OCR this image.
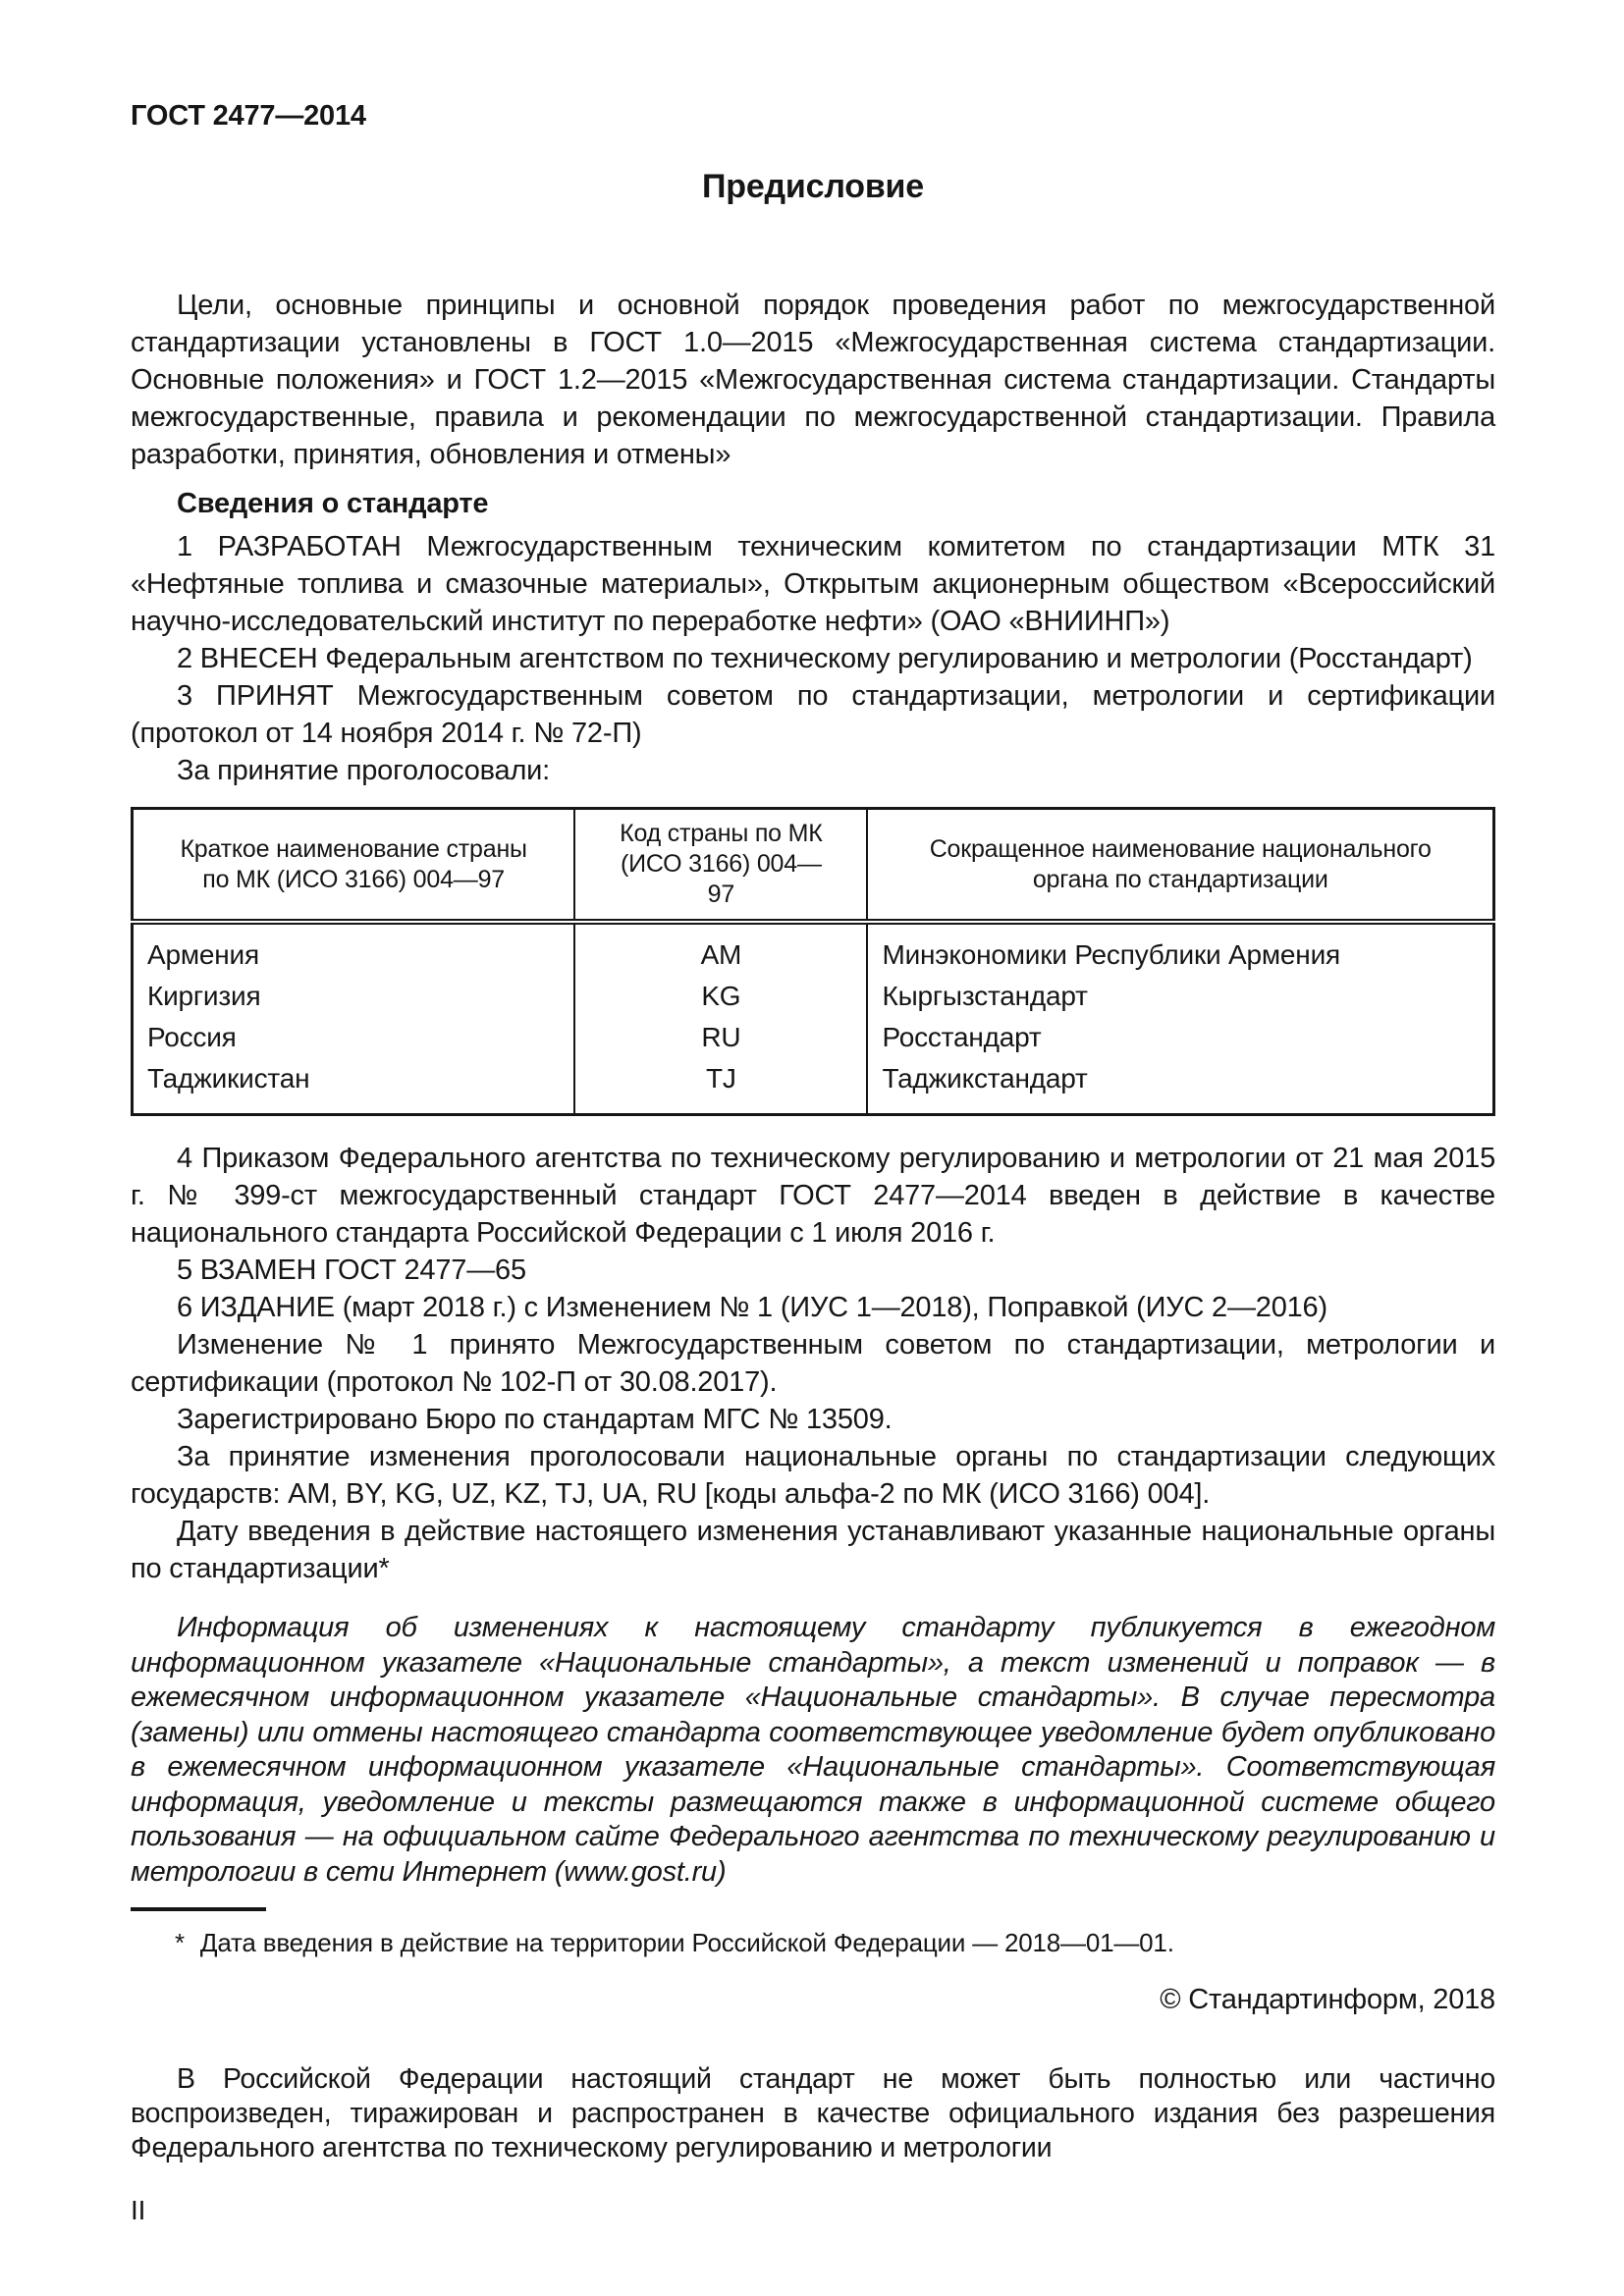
ГОСТ 2477—2014
Предисловие

Цели, основные принципы и основной порядок проведения работ по межгосударственной стандартизации установлены в ГОСТ 1.0—2015 «Межгосударственная система стандартизации. Основные положения» и ГОСТ 1.2—2015 «Межгосударственная система стандартизации. Стандарты межгосударственные, правила и рекомендации по межгосударственной стандартизации. Правила разработки, принятия, обновления и отмены»

Сведения о стандарте

1 РАЗРАБОТАН Межгосударственным техническим комитетом по стандартизации МТК 31 «Нефтяные топлива и смазочные материалы», Открытым акционерным обществом «Всероссийский научно-исследовательский институт по переработке нефти» (ОАО «ВНИИНП»)

2 ВНЕСЕН Федеральным агентством по техническому регулированию и метрологии (Росстандарт)

3 ПРИНЯТ Межгосударственным советом по стандартизации, метрологии и сертификации (протокол от 14 ноября 2014 г. № 72-П)

За принятие проголосовали:

Краткое наименование страны по МК (ИСО 3166) 004—97	Код страны по МК (ИСО 3166) 004—97	Сокращенное наименование национального органа по стандартизации
Армения	AM	Минэкономики Республики Армения
Киргизия	KG	Кыргызстандарт
Россия	RU	Росстандарт
Таджикистан	TJ	Таджикстандарт

4 Приказом Федерального агентства по техническому регулированию и метрологии от 21 мая 2015 г. № 399-ст межгосударственный стандарт ГОСТ 2477—2014 введен в действие в качестве национального стандарта Российской Федерации с 1 июля 2016 г.

5 ВЗАМЕН ГОСТ 2477—65

6 ИЗДАНИЕ (март 2018 г.) с Изменением № 1 (ИУС 1—2018), Поправкой (ИУС 2—2016)

Изменение № 1 принято Межгосударственным советом по стандартизации, метрологии и сертификации (протокол № 102-П от 30.08.2017).

Зарегистрировано Бюро по стандартам МГС № 13509.

За принятие изменения проголосовали национальные органы по стандартизации следующих государств: AM, BY, KG, UZ, KZ, TJ, UA, RU [коды альфа-2 по МК (ИСО 3166) 004].

Дату введения в действие настоящего изменения устанавливают указанные национальные органы по стандартизации*

Информация об изменениях к настоящему стандарту публикуется в ежегодном информационном указателе «Национальные стандарты», а текст изменений и поправок — в ежемесячном информационном указателе «Национальные стандарты». В случае пересмотра (замены) или отмены настоящего стандарта соответствующее уведомление будет опубликовано в ежемесячном информационном указателе «Национальные стандарты». Соответствующая информация, уведомление и тексты размещаются также в информационной системе общего пользования — на официальном сайте Федерального агентства по техническому регулированию и метрологии в сети Интернет (www.gost.ru)

* Дата введения в действие на территории Российской Федерации — 2018—01—01.

© Стандартинформ, 2018

В Российской Федерации настоящий стандарт не может быть полностью или частично воспроизведен, тиражирован и распространен в качестве официального издания без разрешения Федерального агентства по техническому регулированию и метрологии

II
